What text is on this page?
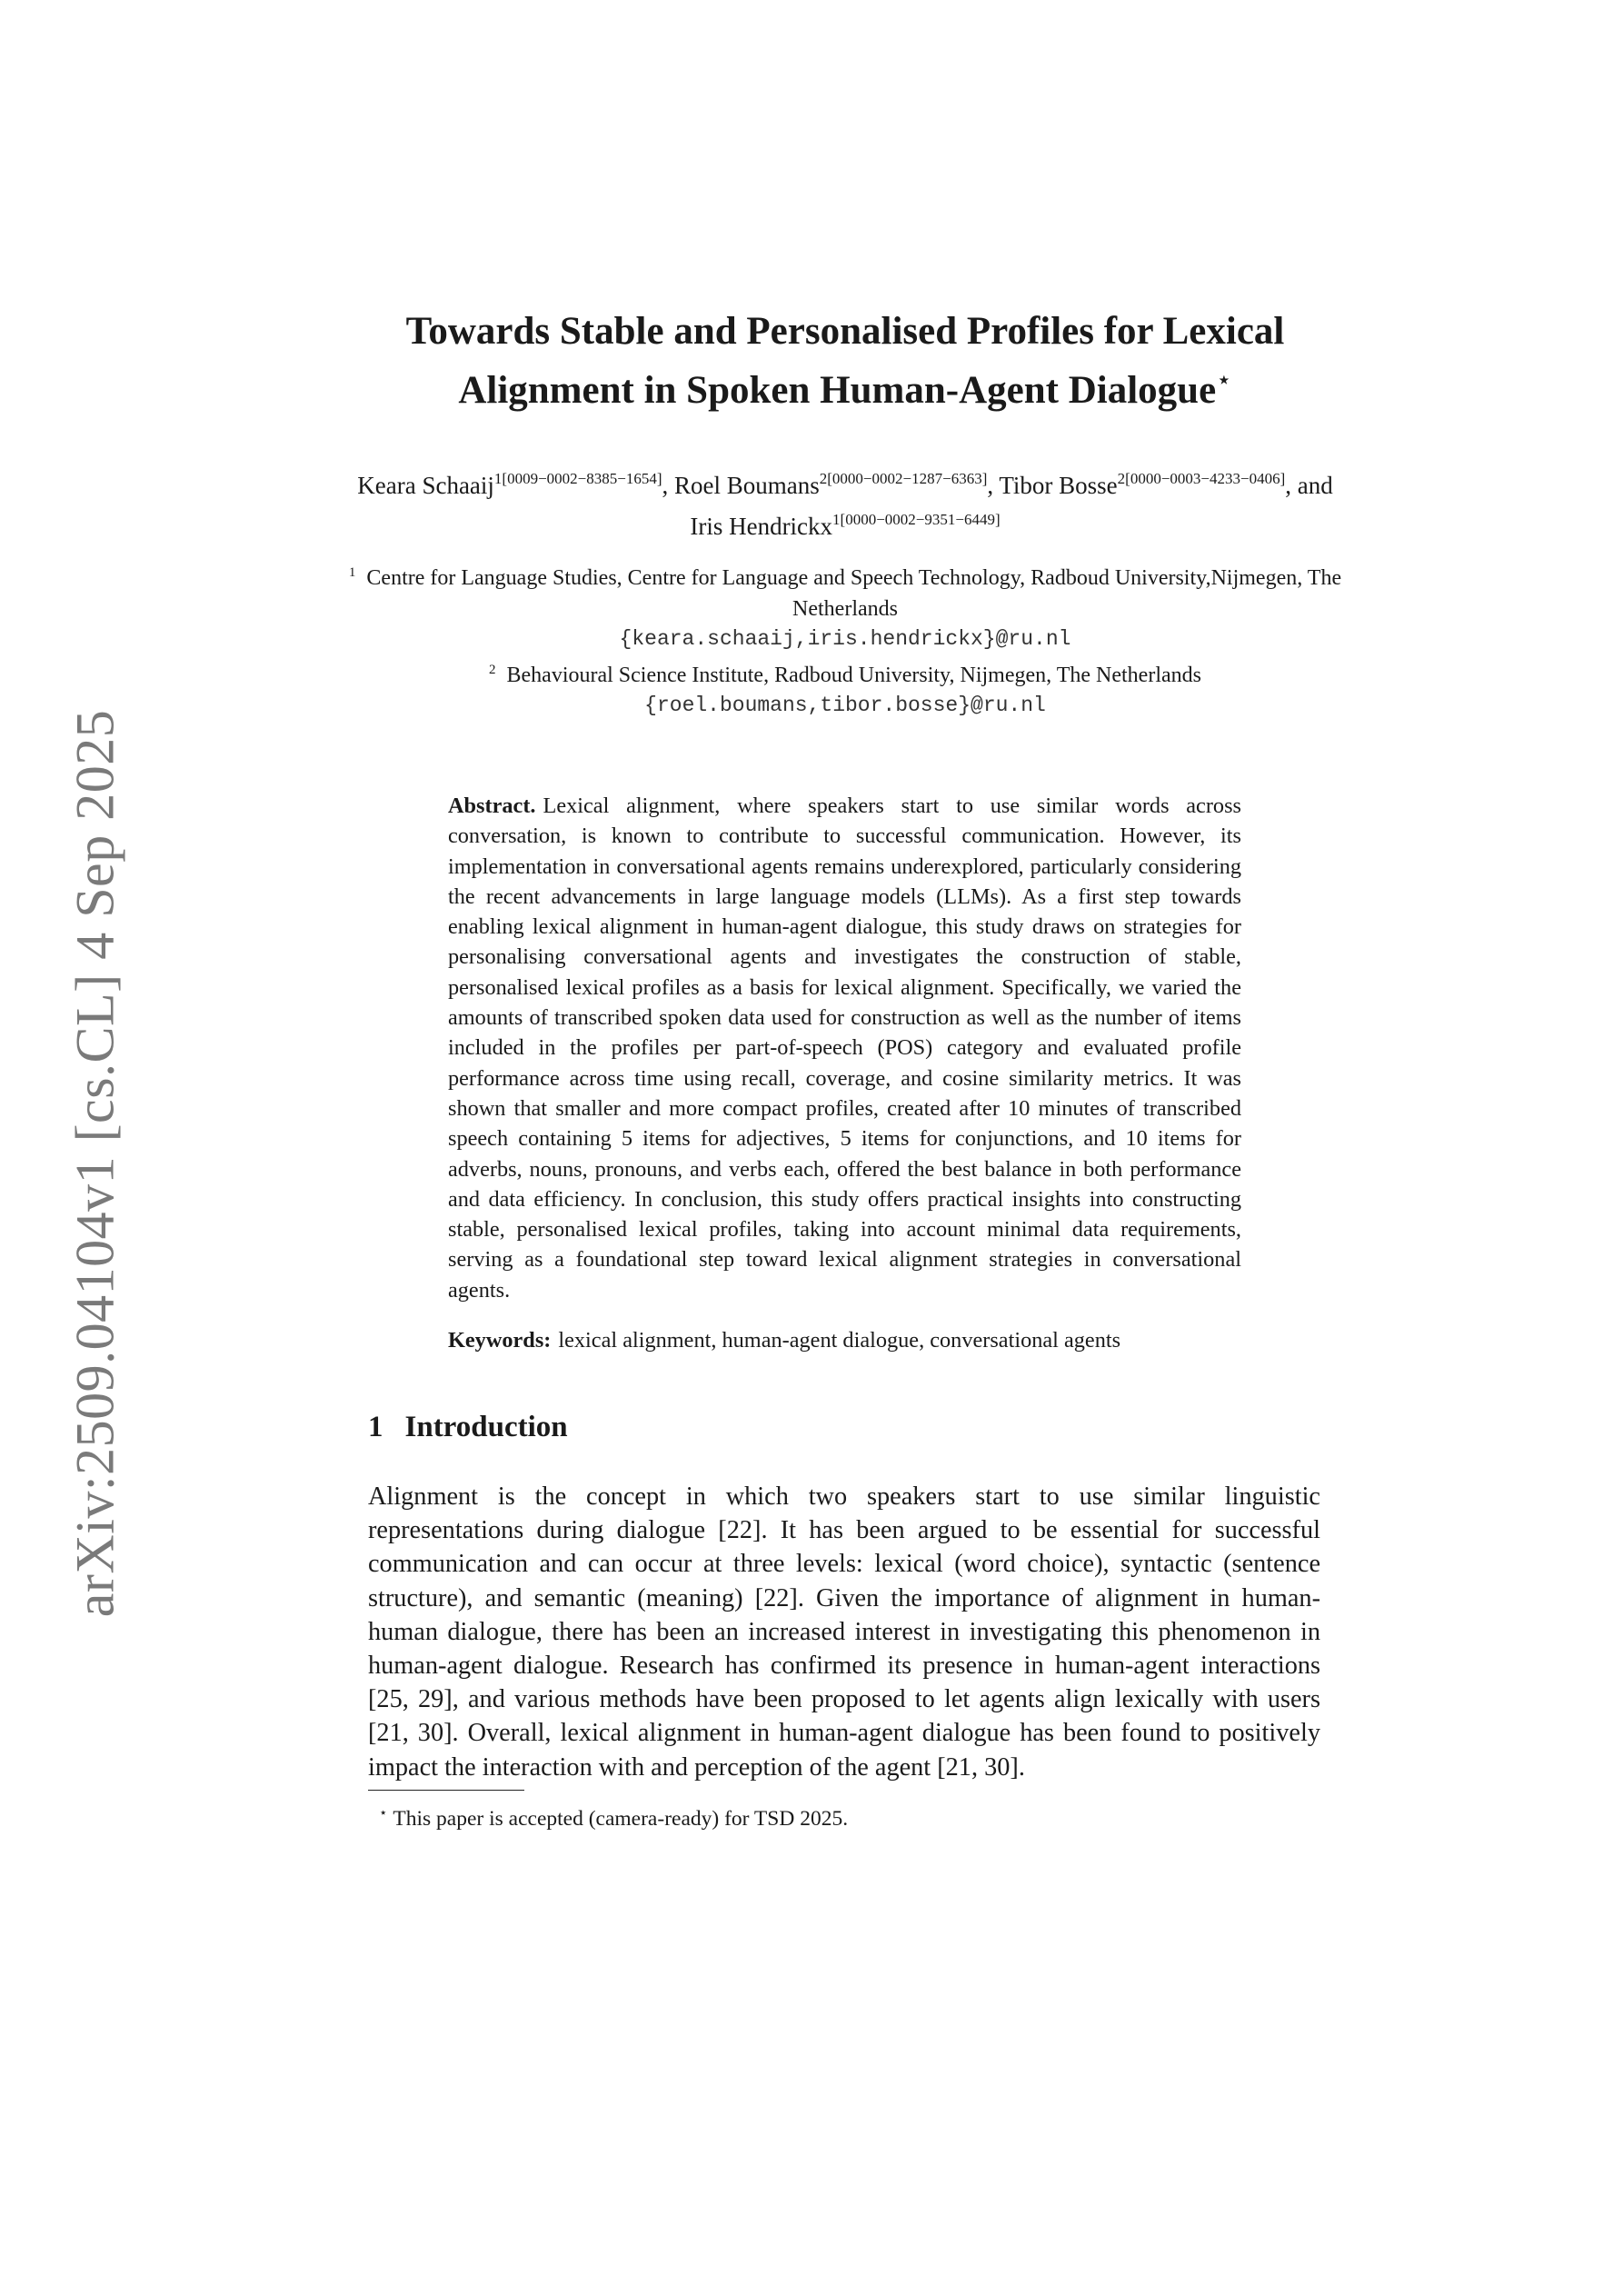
arXiv:2509.04104v1 [cs.CL] 4 Sep 2025
Towards Stable and Personalised Profiles for Lexical
Alignment in Spoken Human-Agent Dialogue⋆
Keara Schaaij$^{1[0009-0002-8385-1654]}$, Roel Boumans$^{2[0000-0002-1287-6363]}$, Tibor Bosse$^{2[0000-0003-4233-0406]}$, and Iris Hendrickx$^{1[0000-0002-9351-6449]}$
$^1$ Centre for Language Studies, Centre for Language and Speech Technology, Radboud University,Nijmegen, The Netherlands
{keara.schaaij,iris.hendrickx}@ru.nl
$^2$ Behavioural Science Institute, Radboud University, Nijmegen, The Netherlands
{roel.boumans,tibor.bosse}@ru.nl

Abstract. Lexical alignment, where speakers start to use similar words across conversation, is known to contribute to successful communication. However, its implementation in conversational agents remains underexplored, particularly considering the recent advancements in large language models (LLMs). As a first step towards enabling lexical alignment in human-agent dialogue, this study draws on strategies for personalising conversational agents and investigates the construction of stable, personalised lexical profiles as a basis for lexical alignment. Specifically, we varied the amounts of transcribed spoken data used for construction as well as the number of items included in the profiles per part-of-speech (POS) category and evaluated profile performance across time using recall, coverage, and cosine similarity metrics. It was shown that smaller and more compact profiles, created after 10 minutes of transcribed speech containing 5 items for adjectives, 5 items for conjunctions, and 10 items for adverbs, nouns, pronouns, and verbs each, offered the best balance in both performance and data efficiency. In conclusion, this study offers practical insights into constructing stable, personalised lexical profiles, taking into account minimal data requirements, serving as a foundational step toward lexical alignment strategies in conversational agents.

Keywords: lexical alignment, human-agent dialogue, conversational agents

1 Introduction

Alignment is the concept in which two speakers start to use similar linguistic representations during dialogue [22]. It has been argued to be essential for successful communication and can occur at three levels: lexical (word choice), syntactic (sentence structure), and semantic (meaning) [22]. Given the importance of alignment in human-human dialogue, there has been an increased interest in investigating this phenomenon in human-agent dialogue. Research has confirmed its presence in human-agent interactions [25, 29], and various methods have been proposed to let agents align lexically with users [21, 30]. Overall, lexical alignment in human-agent dialogue has been found to positively impact the interaction with and perception of the agent [21, 30].

⋆ This paper is accepted (camera-ready) for TSD 2025.
